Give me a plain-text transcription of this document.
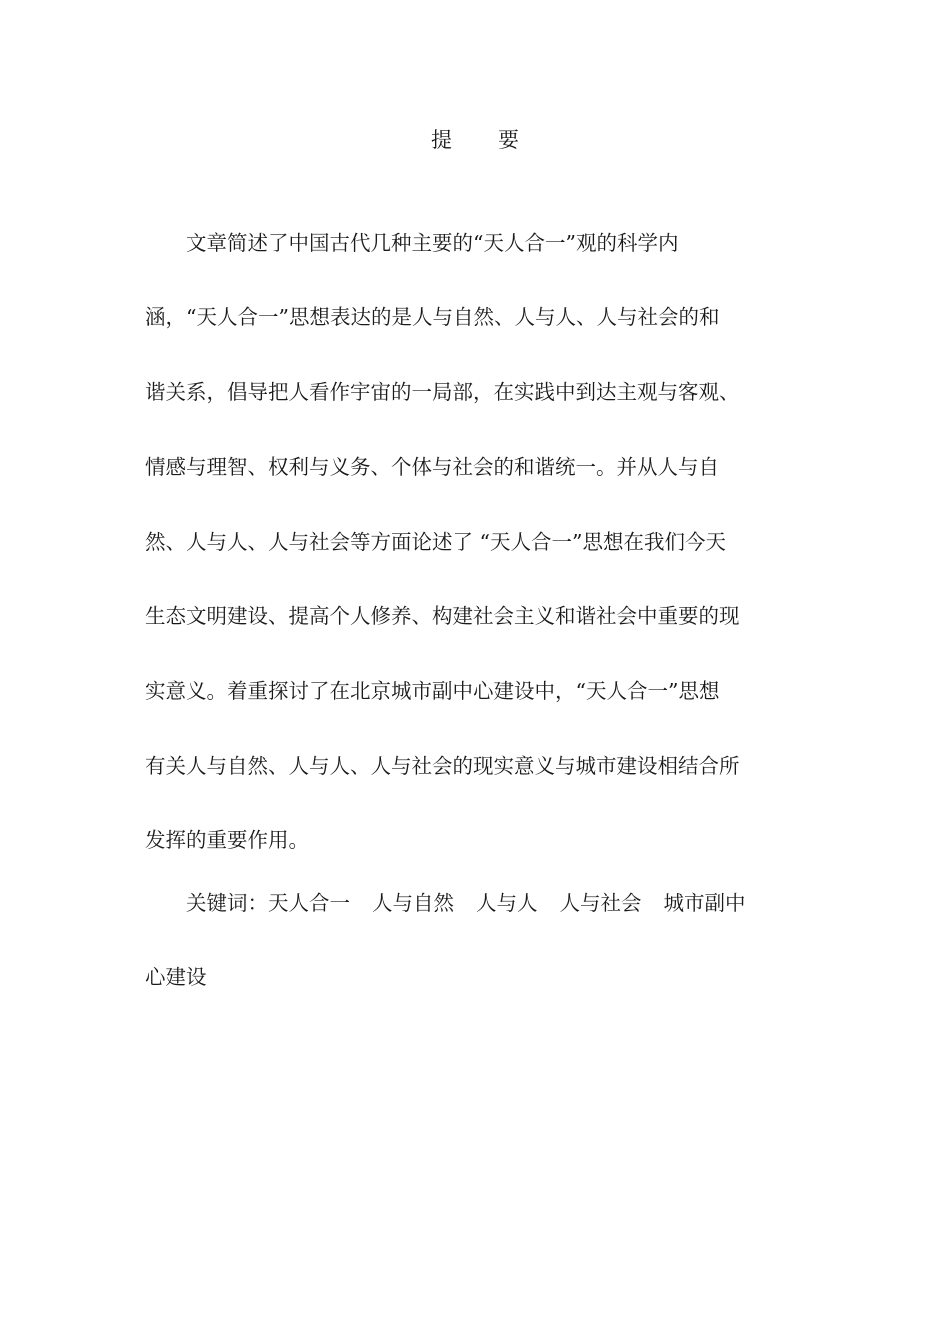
提 要
　　文章简述了中国古代几种主要的“天人合一”观的科学内
涵，“天人合一”思想表达的是人与自然、人与人、人与社会的和
谐关系，倡导把人看作宇宙的一局部，在实践中到达主观与客观、
情感与理智、权利与义务、个体与社会的和谐统一。并从人与自
然、人与人、人与社会等方面论述了 “天人合一”思想在我们今天
生态文明建设、提高个人修养、构建社会主义和谐社会中重要的现
实意义。着重探讨了在北京城市副中心建设中，“天人合一”思想
有关人与自然、人与人、人与社会的现实意义与城市建设相结合所
发挥的重要作用。
　　关键词：天人合一 人与自然 人与人 人与社会 城市副中
心建设
